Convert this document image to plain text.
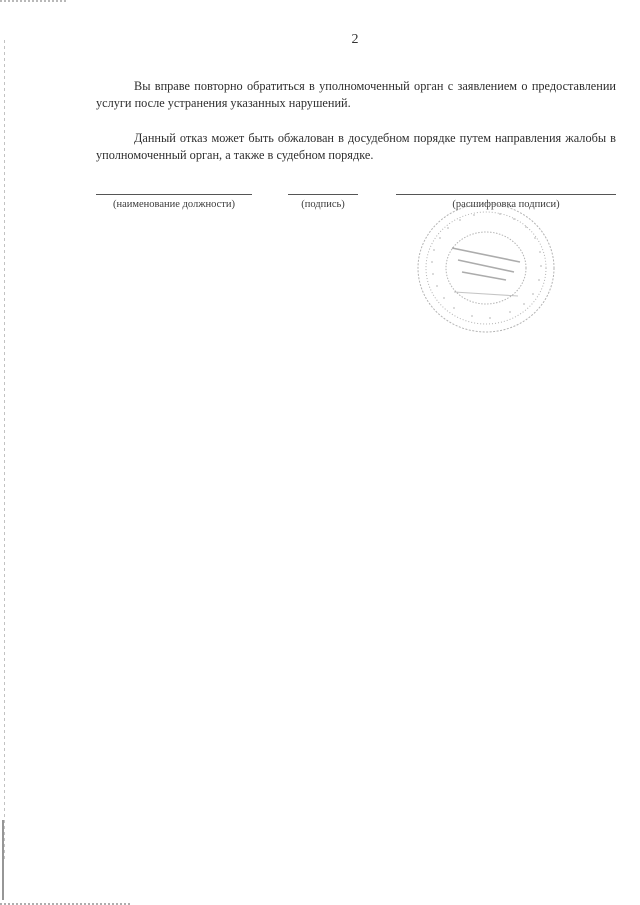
2
Вы вправе повторно обратиться в уполномоченный орган с заявлением о предоставлении услуги после устранения указанных нарушений.
Данный отказ может быть обжалован в досудебном порядке путем направления жалобы в уполномоченный орган, а также в судебном порядке.
(наименование должности)	(подпись)	(расшифровка подписи)
